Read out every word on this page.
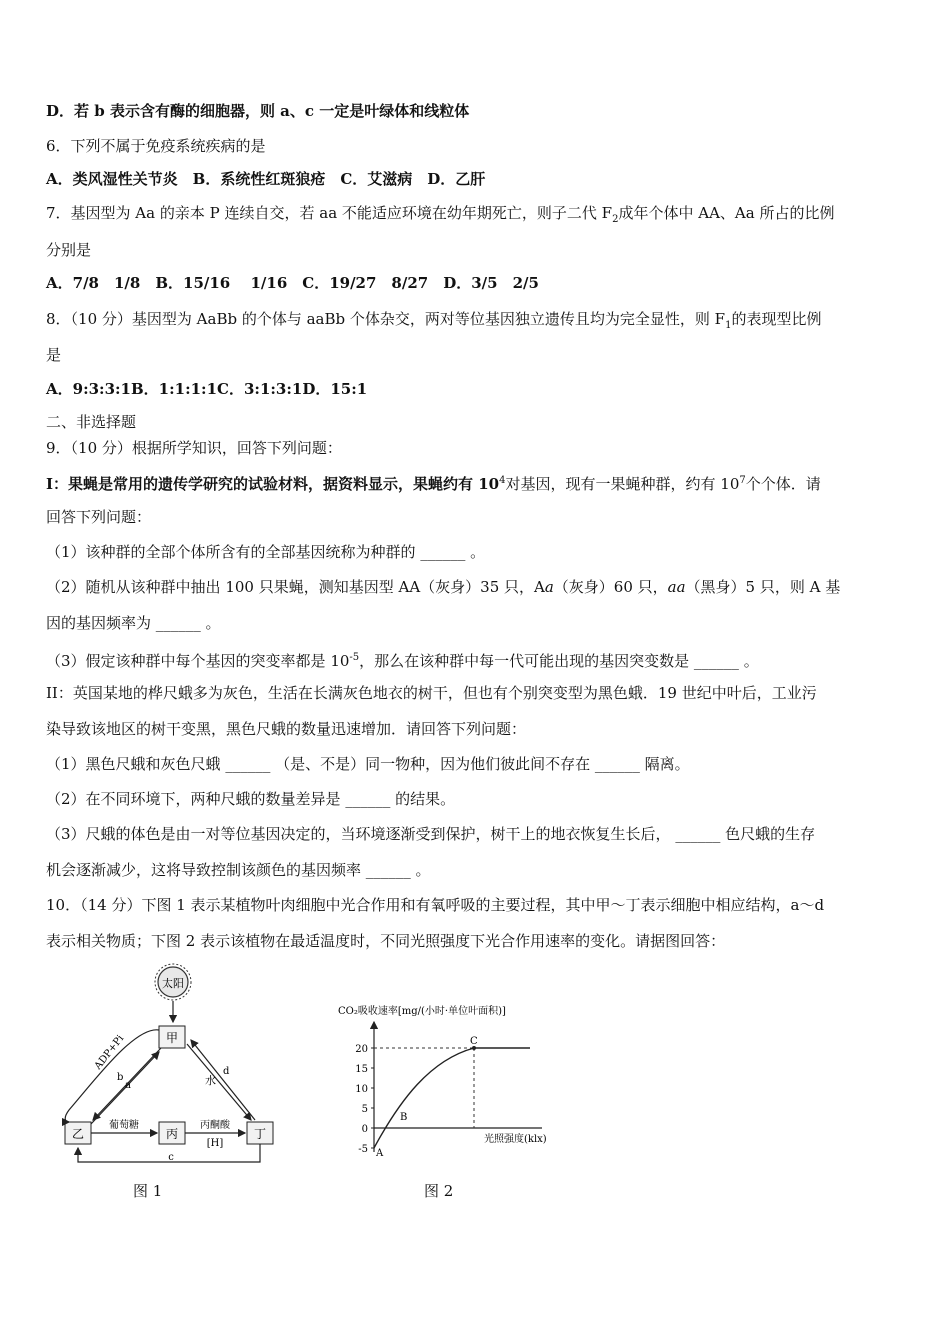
D．若 b 表示含有酶的细胞器，则 a、c 一定是叶绿体和线粒体
6．下列不属于免疫系统疾病的是
A．类风湿性关节炎　B．系统性红斑狼疮　C．艾滋病　D．乙肝
7．基因型为 Aa 的亲本 P 连续自交，若 aa 不能适应环境在幼年期死亡，则子二代 $F_2$成年个体中 AA、Aa 所占的比例
分别是
A．7/8　1/8　B．15/16　 1/16　C．19/27　8/27　D．3/5　2/5
8．（10 分）基因型为 AaBb 的个体与 aaBb 个体杂交，两对等位基因独立遗传且均为完全显性，则 $F_1$的表现型比例
是
A．9:3:3:1B．1:1:1:1C．3:1:3:1D．15:1
二、非选择题
9．（10 分）根据所学知识，回答下列问题：
I：果蝇是常用的遗传学研究的试验材料，据资料显示，果蝇约有 $10^4$对基因，现有一果蝇种群，约有 $10^7$个个体．请
回答下列问题：
（1）该种群的全部个体所含有的全部基因统称为种群的 ______ 。
（2）随机从该种群中抽出 100 只果蝇，测知基因型 AA（灰身）35 只，Aa（灰身）60 只，aa（黑身）5 只，则 A 基
因的基因频率为 ______ 。
（3）假定该种群中每个基因的突变率都是 $10^{-5}$，那么在该种群中每一代可能出现的基因突变数是 ______ 。
II：英国某地的桦尺蛾多为灰色，生活在长满灰色地衣的树干，但也有个别突变型为黑色蛾．19 世纪中叶后，工业污
染导致该地区的树干变黑，黑色尺蛾的数量迅速增加．请回答下列问题：
（1）黑色尺蛾和灰色尺蛾 ______ （是、不是）同一物种，因为他们彼此间不存在 ______ 隔离。
（2）在不同环境下，两种尺蛾的数量差异是 ______ 的结果。
（3）尺蛾的体色是由一对等位基因决定的，当环境逐渐受到保护，树干上的地衣恢复生长后， ______ 色尺蛾的生存
机会逐渐减少，这将导致控制该颜色的基因频率 ______ 。
10．（14 分）下图 1 表示某植物叶肉细胞中光合作用和有氧呼吸的主要过程，其中甲～丁表示细胞中相应结构，a～d
表示相关物质；下图 2 表示该植物在最适温度时，不同光照强度下光合作用速率的变化。请据图回答：
太阳
甲
乙	丙	丁
ADP+Pi
b
a	水
d
葡萄糖	丙酮酸
[H]
c
图 1
CO₂吸收速率[mg/(小时·单位叶面积)]
光照强度(klx)
20
15
10
5
0
-5 A
B
C
图 2
